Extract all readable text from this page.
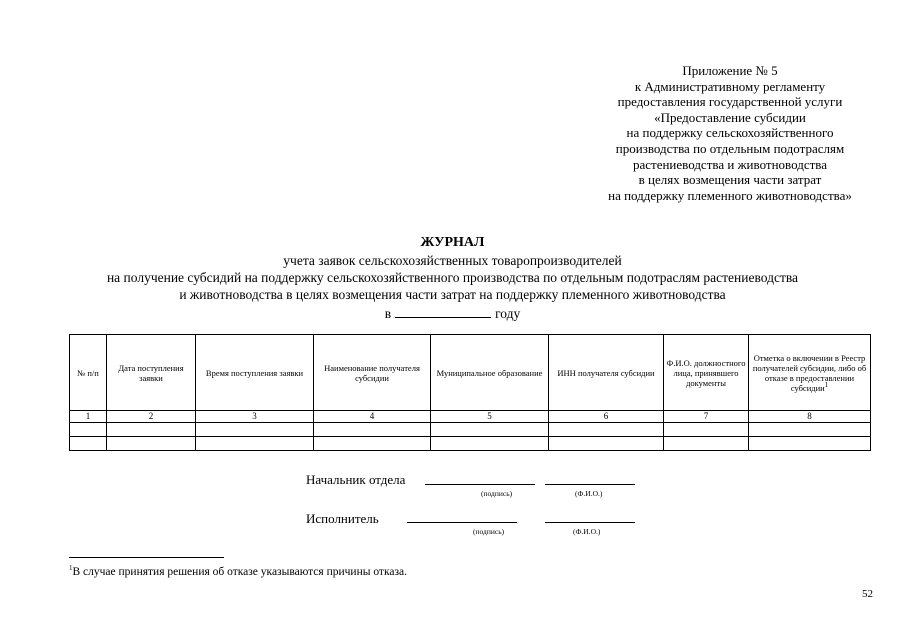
Приложение № 5
к Административному регламенту
предоставления государственной услуги
«Предоставление субсидии
на поддержку сельскохозяйственного
производства по отдельным подотраслям
растениеводства и животноводства
в целях возмещения части затрат
на поддержку племенного животноводства»
ЖУРНАЛ
учета заявок сельскохозяйственных товаропроизводителей
на получение субсидий на поддержку сельскохозяйственного производства по отдельным подотраслям растениеводства
и животноводства в целях возмещения части затрат на поддержку племенного животноводства
в	году
№ п/п	Дата поступления заявки	Время поступления заявки	Наименование получателя субсидии	Муниципальное образование	ИНН получателя субсидии	Ф.И.О. должностного лица, принявшего документы	Отметка о включении в Реестр получателей субсидии, либо об отказе в предоставлении субсидии$^1$
1	2	3	4	5	6	7	8

Начальник отдела
(подпись)	(Ф.И.О.)
Исполнитель
(подпись)	(Ф.И.О.)
$^1$В случае принятия решения об отказе указываются причины отказа.
52
